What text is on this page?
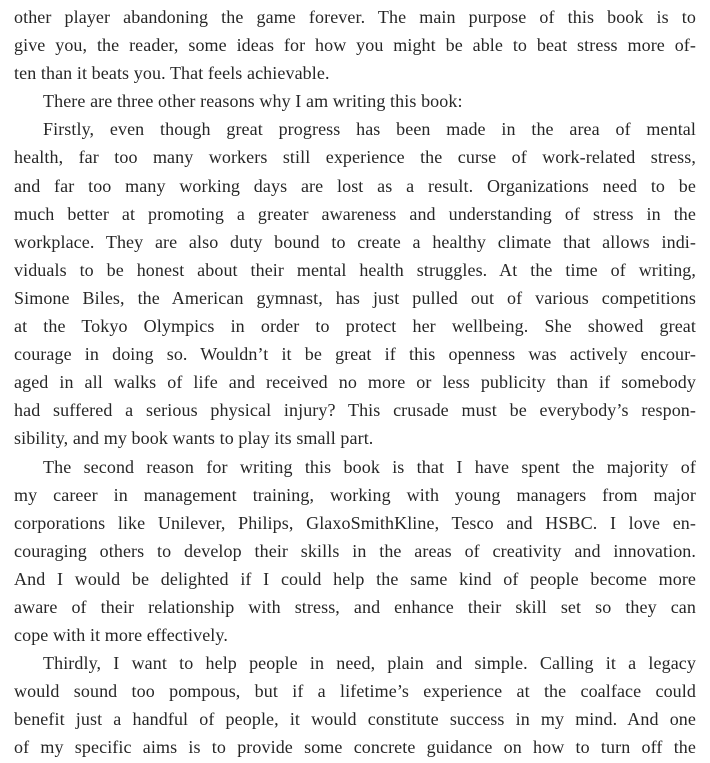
other player abandoning the game forever. The main purpose of this book is to
give you, the reader, some ideas for how you might be able to beat stress more of-
ten than it beats you. That feels achievable.
There are three other reasons why I am writing this book:
Firstly, even though great progress has been made in the area of mental
health, far too many workers still experience the curse of work-related stress,
and far too many working days are lost as a result. Organizations need to be
much better at promoting a greater awareness and understanding of stress in the
workplace. They are also duty bound to create a healthy climate that allows indi-
viduals to be honest about their mental health struggles. At the time of writing,
Simone Biles, the American gymnast, has just pulled out of various competitions
at the Tokyo Olympics in order to protect her wellbeing. She showed great
courage in doing so. Wouldn’t it be great if this openness was actively encour-
aged in all walks of life and received no more or less publicity than if somebody
had suffered a serious physical injury? This crusade must be everybody’s respon-
sibility, and my book wants to play its small part.
The second reason for writing this book is that I have spent the majority of
my career in management training, working with young managers from major
corporations like Unilever, Philips, GlaxoSmithKline, Tesco and HSBC. I love en-
couraging others to develop their skills in the areas of creativity and innovation.
And I would be delighted if I could help the same kind of people become more
aware of their relationship with stress, and enhance their skill set so they can
cope with it more effectively.
Thirdly, I want to help people in need, plain and simple. Calling it a legacy
would sound too pompous, but if a lifetime’s experience at the coalface could
benefit just a handful of people, it would constitute success in my mind. And one
of my specific aims is to provide some concrete guidance on how to turn off the
